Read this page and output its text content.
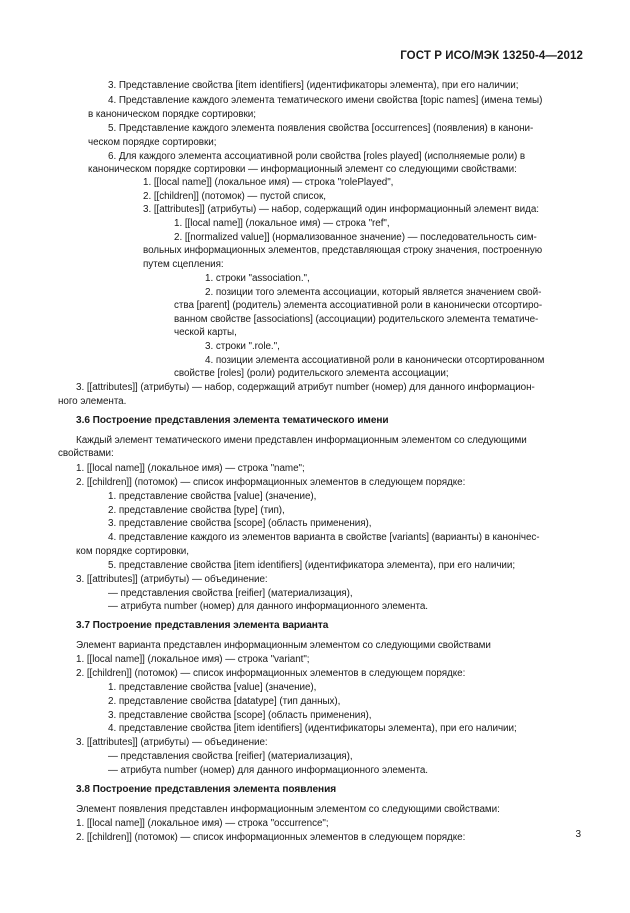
ГОСТ Р ИСО/МЭК 13250-4—2012
3. Представление свойства [item identifiers] (идентификаторы элемента), при его наличии;
4. Представление каждого элемента тематического имени свойства [topic names] (имена темы)
в каноническом порядке сортировки;
5. Представление каждого элемента появления свойства [occurrences] (появления) в канони-
ческом порядке сортировки;
6. Для каждого элемента ассоциативной роли свойства [roles played] (исполняемые роли) в
каноническом порядке сортировки — информационный элемент со следующими свойствами:
1. [[local name]] (локальное имя) — строка "rolePlayed",
2. [[children]] (потомок) — пустой список,
3. [[attributes]] (атрибуты) — набор, содержащий один информационный элемент вида:
1. [[local name]] (локальное имя) — строка "ref",
2. [[normalized value]] (нормализованное значение) — последовательность сим-
вольных информационных элементов, представляющая строку значения, построенную
путем сцепления:
1. строки "association.",
2. позиции того элемента ассоциации, который является значением свой-
ства [parent] (родитель) элемента ассоциативной роли в канонически отсортиро-
ванном свойстве [associations] (ассоциации) родительского элемента тематиче-
ческой карты,
3. строки ".role.",
4. позиции элемента ассоциативной роли в канонически отсортированном
свойстве [roles] (роли) родительского элемента ассоциации;
3. [[attributes]] (атрибуты) — набор, содержащий атрибут number (номер) для данного информацион-
ного элемента.
3.6 Построение представления элемента тематического имени
Каждый элемент тематического имени представлен информационным элементом со следующими
свойствами:
1. [[local name]] (локальное имя) — строка "name";
2. [[children]] (потомок) — список информационных элементов в следующем порядке:
1. представление свойства [value] (значение),
2. представление свойства [type] (тип),
3. представление свойства [scope] (область применения),
4. представление каждого из элементов варианта в свойстве [variants] (варианты) в канонічес-
ком порядке сортировки,
5. представление свойства [item identifiers] (идентификатора элемента), при его наличии;
3. [[attributes]] (атрибуты) — объединение:
— представления свойства [reifier] (материализация),
— атрибута number (номер) для данного информационного элемента.
3.7 Построение представления элемента варианта
Элемент варианта представлен информационным элементом со следующими свойствами
1. [[local name]] (локальное имя) — строка "variant";
2. [[children]] (потомок) — список информационных элементов в следующем порядке:
1. представление свойства [value] (значение),
2. представление свойства [datatype] (тип данных),
3. представление свойства [scope] (область применения),
4. представление свойства [item identifiers] (идентификаторы элемента), при его наличии;
3. [[attributes]] (атрибуты) — объединение:
— представления свойства [reifier] (материализация),
— атрибута number (номер) для данного информационного элемента.
3.8 Построение представления элемента появления
Элемент появления представлен информационным элементом со следующими свойствами:
1. [[local name]] (локальное имя) — строка "occurrence";
2. [[children]] (потомок) — список информационных элементов в следующем порядке:	3
